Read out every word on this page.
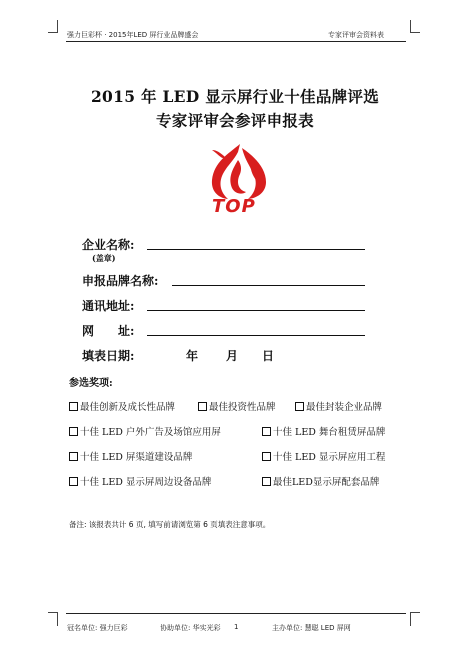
强力巨彩杯 · 2015年LED 屏行业品牌盛会	专家评审会资料表
2015 年 LED 显示屏行业十佳品牌评选
专家评审会参评申报表
TOP
企业名称:
(盖章)
申报品牌名称:
通讯地址:
网　　址:
填表日期:	年 月 日
参选奖项:
最佳创新及成长性品牌	最佳投资性品牌	最佳封装企业品牌
十佳 LED 户外广告及场馆应用屏	十佳 LED 舞台租赁屏品牌
十佳 LED 屏渠道建设品牌	十佳 LED 显示屏应用工程
十佳 LED 显示屏周边设备品牌	最佳LED显示屏配套品牌
备注: 该报表共计 6 页, 填写前请浏览第 6 页填表注意事项。
冠名单位: 强力巨彩	协助单位: 华实光彩 1	主办单位: 慧聪 LED 屏网
